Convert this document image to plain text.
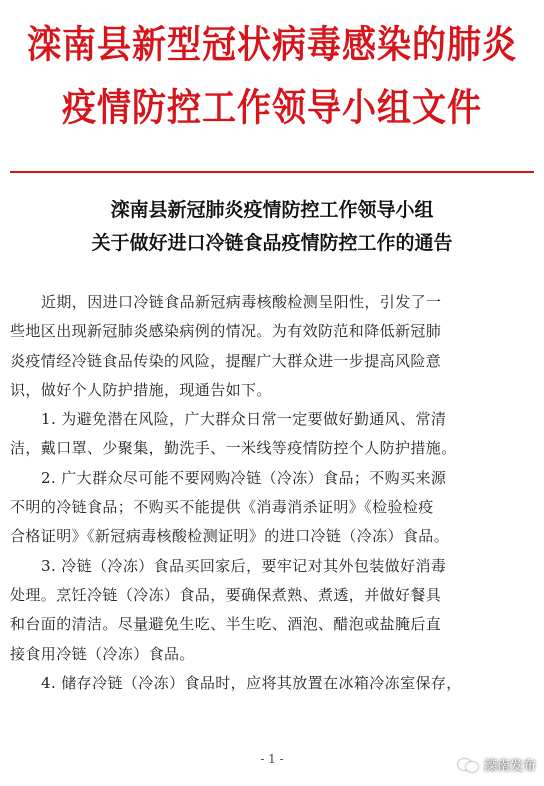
滦南县新型冠状病毒感染的肺炎
疫情防控工作领导小组文件
滦南县新冠肺炎疫情防控工作领导小组
关于做好进口冷链食品疫情防控工作的通告
近期，因进口冷链食品新冠病毒核酸检测呈阳性，引发了一
些地区出现新冠肺炎感染病例的情况。为有效防范和降低新冠肺
炎疫情经冷链食品传染的风险，提醒广大群众进一步提高风险意
识，做好个人防护措施，现通告如下。
1. 为避免潜在风险，广大群众日常一定要做好勤通风、常清
洁，戴口罩、少聚集，勤洗手、一米线等疫情防控个人防护措施。
2. 广大群众尽可能不要网购冷链（冷冻）食品；不购买来源
不明的冷链食品；不购买不能提供《消毒消杀证明》《检验检疫
合格证明》《新冠病毒核酸检测证明》的进口冷链（冷冻）食品。
3. 冷链（冷冻）食品买回家后，要牢记对其外包装做好消毒
处理。烹饪冷链（冷冻）食品，要确保煮熟、煮透，并做好餐具
和台面的清洁。尽量避免生吃、半生吃、酒泡、醋泡或盐腌后直
接食用冷链（冷冻）食品。
4. 储存冷链（冷冻）食品时，应将其放置在冰箱冷冻室保存，
- 1 -	滦南发布
